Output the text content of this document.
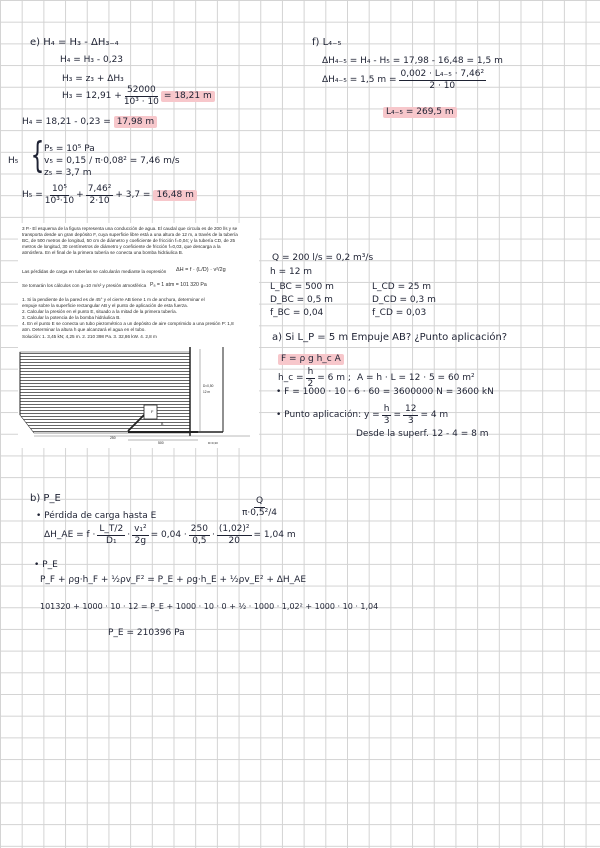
e) H₄ = H₃ - ΔH₃₋₄
H₄ = H₃ - 0,23
H₃ = z₃ + ΔH₃
$H_3 = 12,91 + \frac{52000}{\text{10³ · 10}} = 18,21$ m
H₄ = 18,21 - 0,23 = 17,98 m
H₅ { P₅ = 10⁵ Pa
v₅ = 0,15 / π·0,08² = 7,46 m/s
z₅ = 3,7 m
$H_5 = \frac{\text{10⁵}}{\text{10³·10}} + \frac{\text{7,46²}}{2\cdot 10} + 3,7 = 16,48$ m
f) L₄₋₅
ΔH₄₋₅ = H₄ - H₅ = 17,98 - 16,48 = 1,5 m
ΔH₄₋₅ = 1,5 $m = \frac{\text{0,002 · L₄₋₅ · 7,46²}}{2 \cdot 10}$
L₄₋₅ = 269,5 m
3 P.- El esquema de la figura representa una conducción de agua. El caudal que circula es de 200 l/s y se
transporta desde un gran depósito F, cuya superficie libre está a una altura de 12 m, a través de la tubería
BC, de 500 metros de longitud, 50 cm de diámetro y coeficiente de fricción f=0,04; y la tubería CD, de 25
metros de longitud, 30 centímetros de diámetro y coeficiente de fricción f=0,03, que descarga a la
atmósfera. En el final de la primera tubería se conecta una bomba hidráulica B.
Las pérdidas de carga en tuberías se calcularán mediante la expresión ΔH = f · (L/D) · v²/2g
Se tomarán los cálculos con g=10 m/s² y presión atmosférica Pₐ = 1 atm = 101 320 Pa
1. Si la pendiente de la pared es de 45° y el cierre AB tiene 1 m de anchura, determinar el
empuje sobre la superficie rectangular AB y el punto de aplicación de esta fuerza.
2. Calcular la presión en el punto E, situado a la mitad de la primera tubería.
3. Calcular la potencia de la bomba hidráulica B.
4. En el punto E se conecta un tubo piezométrico a un depósito de aire comprimido a una presión P: 1,8
atm. Determinar la altura h que alcanzará el agua en el tubo.
Solución: 1. 3,45 kN; 4,25 m. 2. 210 398 Pa. 3. 32,86 kW. 4. 2,8 m
F
B
D=0,50
12 m
250
500	D=0,30
Q = 200 l/s = 0,2 m³/s
h = 12 m
L_BC = 500 m
D_BC = 0,5 m
f_BC = 0,04
L_CD = 25 m
D_CD = 0,3 m
f_CD = 0,03
a) Si L_P = 5 m Empuje AB? ¿Punto aplicación?
F = ρ g h_c A
h_c = $\frac{h}{2} = 6$ m ; A = h · L = 12 · 5 = 60 m²
• F = 1000 · 10 · 6 · 60 = 3600000 N = 3600 kN
• Punto aplicación: $y = \frac{h}{3} = \frac{12}{3} = 4$ m
Desde la superf. 12 - 4 = 8 m
b) P_E
• Pérdida de carga hasta E	$\frac{Q}{\text{π·0,5²/4}}$
ΔH_AE = $f \cdot \frac{L\_T/2}{\text{D₁}} \cdot \frac{\text{v₁²}}{2g} = 0,04 \cdot \frac{250}{0,5} \cdot \frac{\text{(1,02)²}}{20} = 1,04$ m
• P_E
P_F + ρg·h_F + ½ρv_F² = P_E + ρg·h_E + ½ρv_E² + ΔH_AE
101320 + 1000 · 10 · 12 = P_E + 1000 · 10 · 0 + ½ · 1000 · 1,02² + 1000 · 10 · 1,04
P_E = 210396 Pa
